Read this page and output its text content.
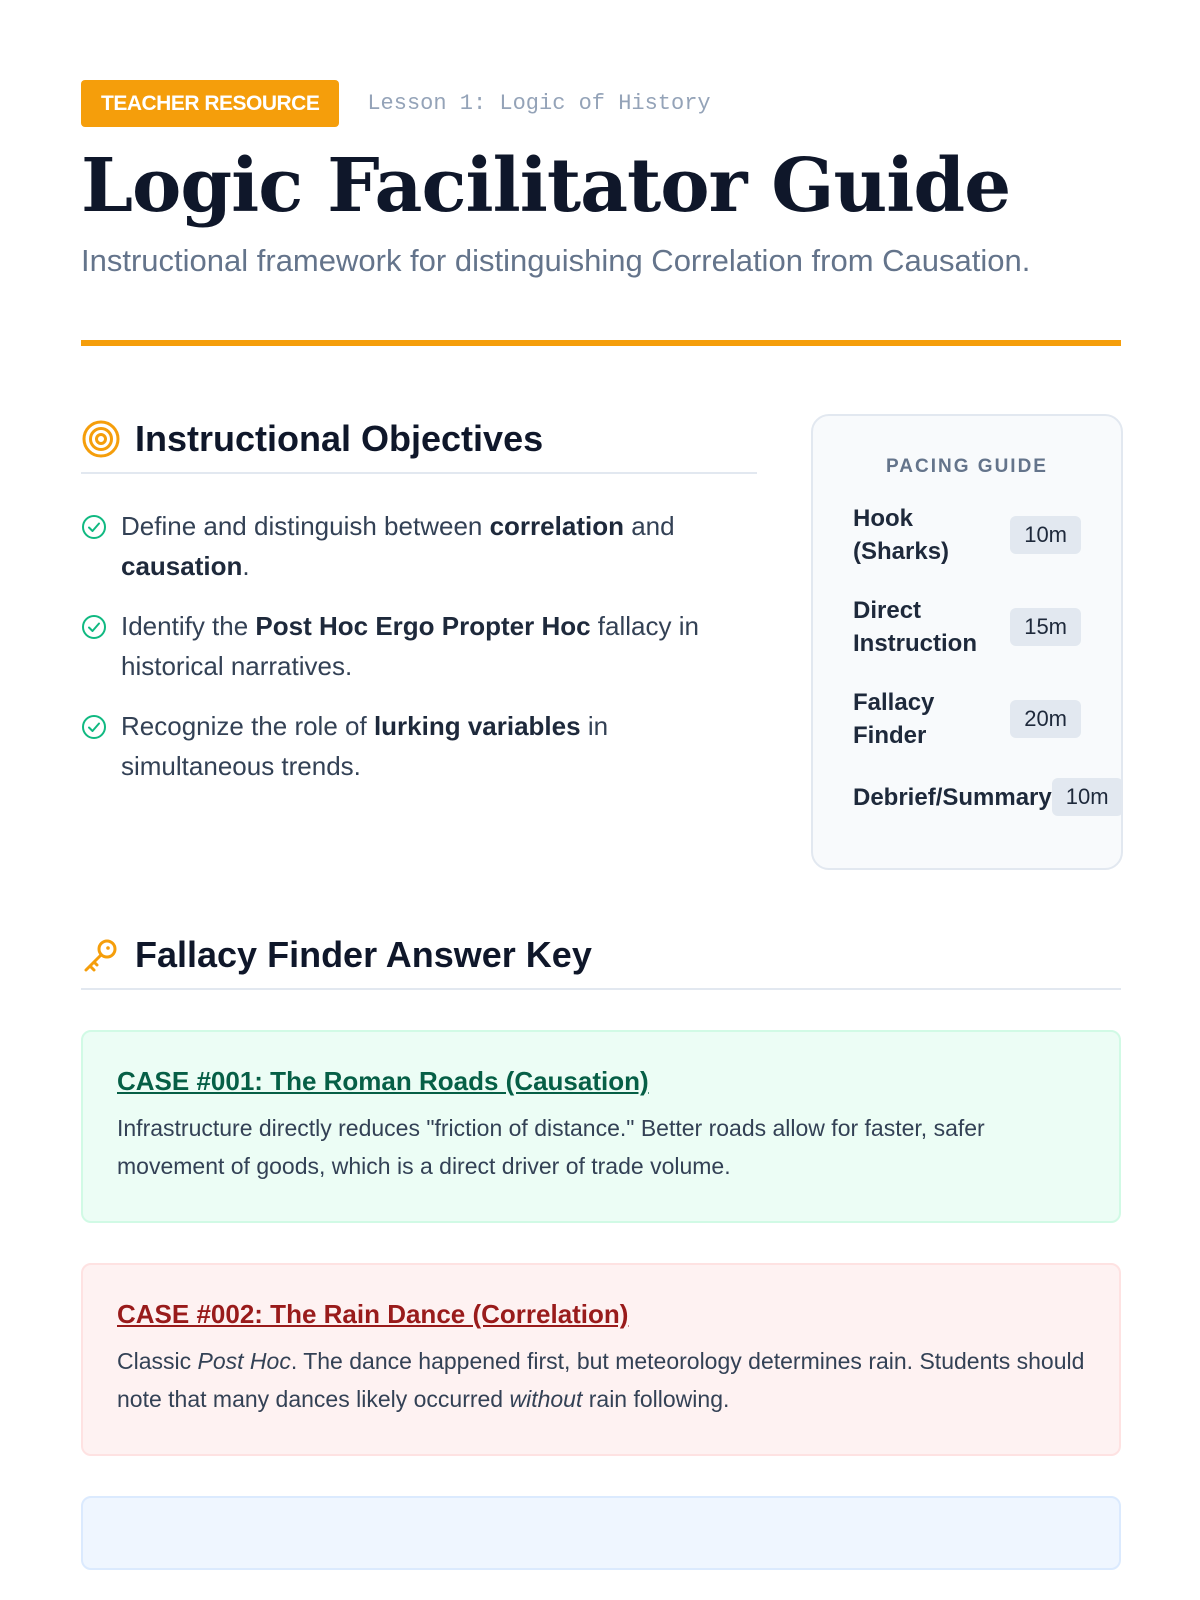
TEACHER RESOURCE	Lesson 1: Logic of History
Logic Facilitator Guide

Instructional framework for distinguishing Correlation from Causation.

Instructional Objectives

Define and distinguish between correlation and causation.

Identify the Post Hoc Ergo Propter Hoc fallacy in historical narratives.

Recognize the role of lurking variables in simultaneous trends.

PACING GUIDE
Hook (Sharks)
10m
Direct Instruction
15m
Fallacy Finder
20m
Debrief/Summary 10m
Fallacy Finder Answer Key
CASE #001: The Roman Roads (Causation)

Infrastructure directly reduces "friction of distance." Better roads allow for faster, safer movement of goods, which is a direct driver of trade volume.

CASE #002: The Rain Dance (Correlation)

Classic Post Hoc. The dance happened first, but meteorology determines rain. Students should note that many dances likely occurred without rain following.
